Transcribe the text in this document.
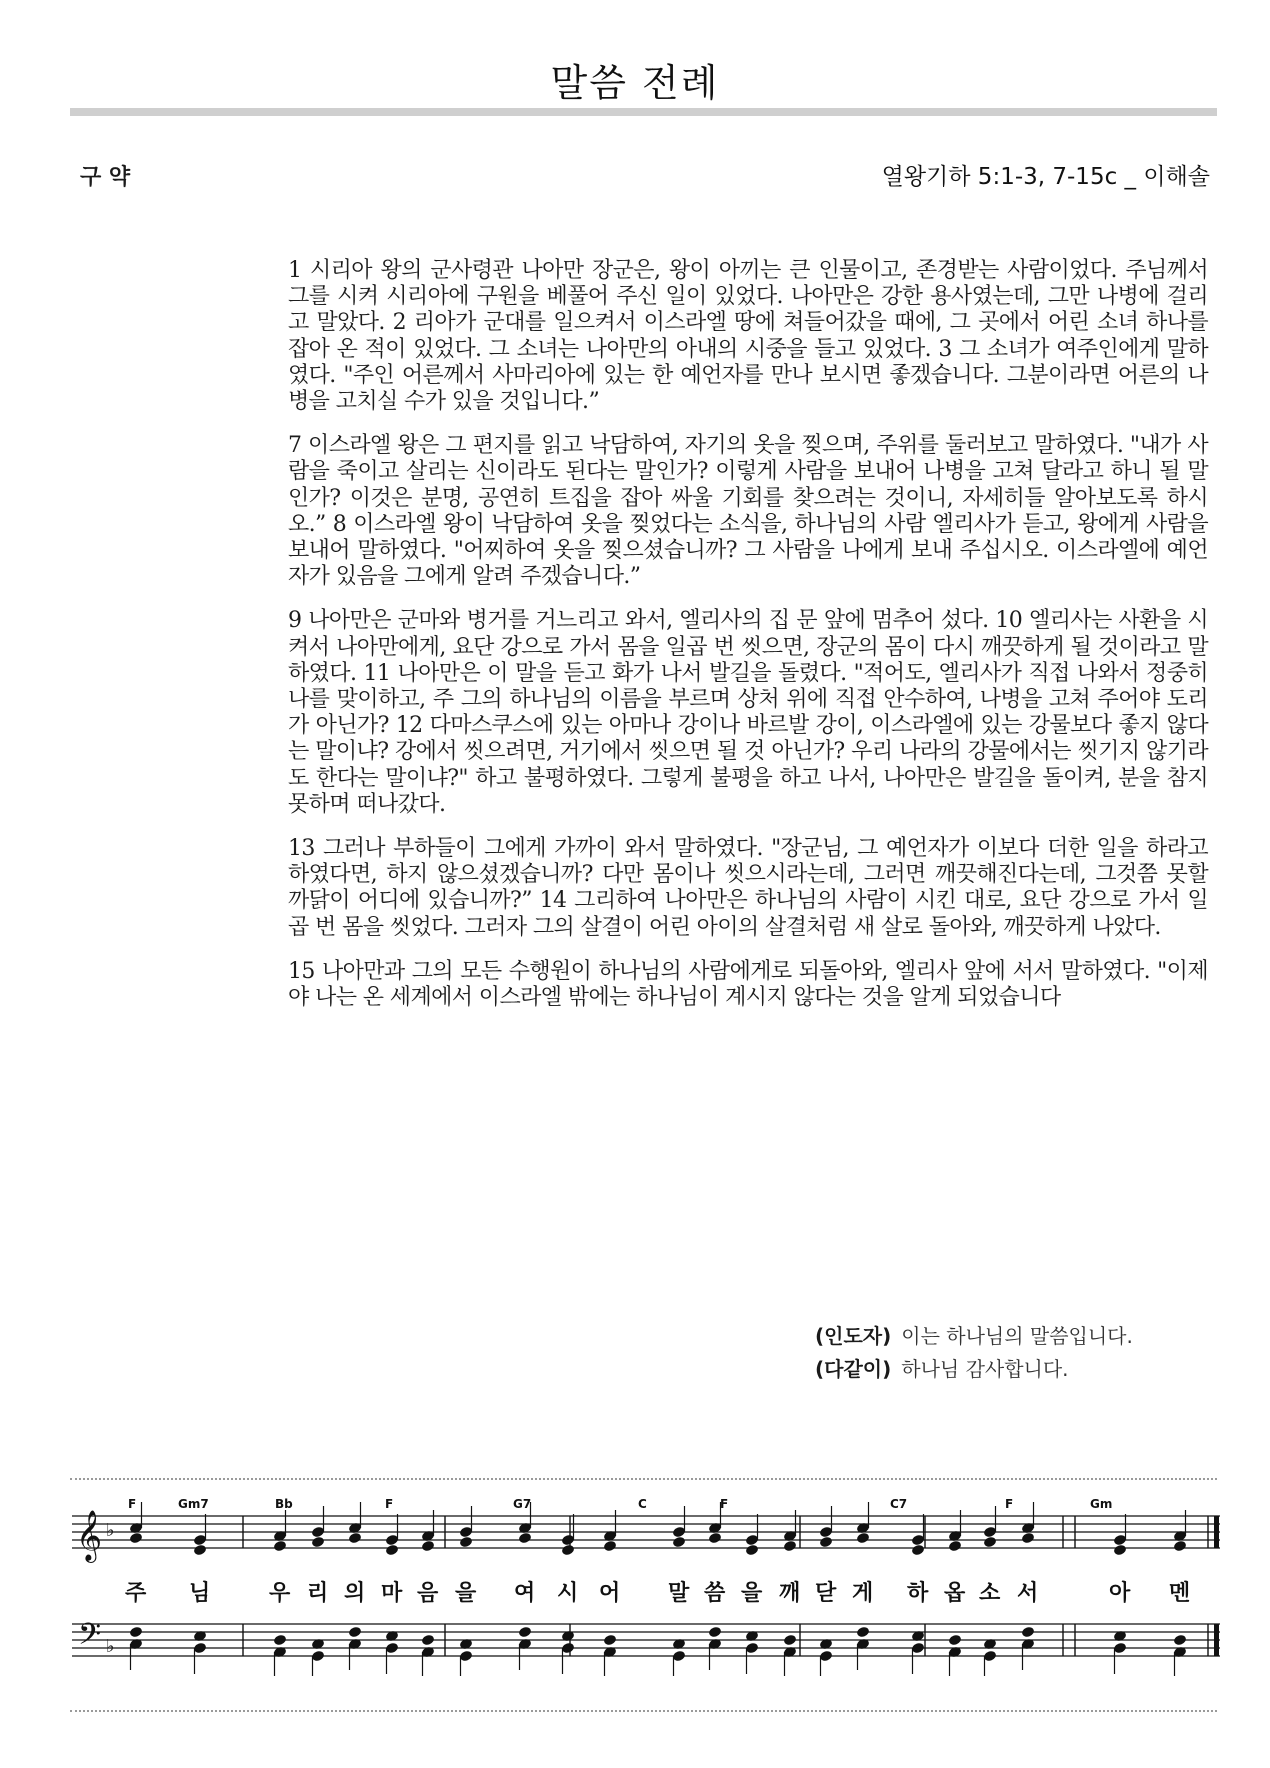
말씀 전례
구 약	열왕기하 5:1-3, 7-15c _ 이해솔

1 시리아 왕의 군사령관 나아만 장군은, 왕이 아끼는 큰 인물이고, 존경받는 사람이었다. 주님께서 그를 시켜 시리아에 구원을 베풀어 주신 일이 있었다. 나아만은 강한 용사였는데, 그만 나병에 걸리고 말았다. 2 리아가 군대를 일으켜서 이스라엘 땅에 쳐들어갔을 때에, 그 곳에서 어린 소녀 하나를 잡아 온 적이 있었다. 그 소녀는 나아만의 아내의 시중을 들고 있었다. 3 그 소녀가 여주인에게 말하였다. "주인 어른께서 사마리아에 있는 한 예언자를 만나 보시면 좋겠습니다. 그분이라면 어른의 나병을 고치실 수가 있을 것입니다.”

7 이스라엘 왕은 그 편지를 읽고 낙담하여, 자기의 옷을 찢으며, 주위를 둘러보고 말하였다. "내가 사람을 죽이고 살리는 신이라도 된다는 말인가? 이렇게 사람을 보내어 나병을 고쳐 달라고 하니 될 말인가? 이것은 분명, 공연히 트집을 잡아 싸울 기회를 찾으려는 것이니, 자세히들 알아보도록 하시오.” 8 이스라엘 왕이 낙담하여 옷을 찢었다는 소식을, 하나님의 사람 엘리사가 듣고, 왕에게 사람을 보내어 말하였다. "어찌하여 옷을 찢으셨습니까? 그 사람을 나에게 보내 주십시오. 이스라엘에 예언자가 있음을 그에게 알려 주겠습니다.”

9 나아만은 군마와 병거를 거느리고 와서, 엘리사의 집 문 앞에 멈추어 섰다. 10 엘리사는 사환을 시켜서 나아만에게, 요단 강으로 가서 몸을 일곱 번 씻으면, 장군의 몸이 다시 깨끗하게 될 것이라고 말하였다. 11 나아만은 이 말을 듣고 화가 나서 발길을 돌렸다. "적어도, 엘리사가 직접 나와서 정중히 나를 맞이하고, 주 그의 하나님의 이름을 부르며 상처 위에 직접 안수하여, 나병을 고쳐 주어야 도리가 아닌가? 12 다마스쿠스에 있는 아마나 강이나 바르발 강이, 이스라엘에 있는 강물보다 좋지 않다는 말이냐? 강에서 씻으려면, 거기에서 씻으면 될 것 아닌가? 우리 나라의 강물에서는 씻기지 않기라도 한다는 말이냐?" 하고 불평하였다. 그렇게 불평을 하고 나서, 나아만은 발길을 돌이켜, 분을 참지 못하며 떠나갔다.

13 그러나 부하들이 그에게 가까이 와서 말하였다. "장군님, 그 예언자가 이보다 더한 일을 하라고 하였다면, 하지 않으셨겠습니까? 다만 몸이나 씻으시라는데, 그러면 깨끗해진다는데, 그것쯤 못할 까닭이 어디에 있습니까?” 14 그리하여 나아만은 하나님의 사람이 시킨 대로, 요단 강으로 가서 일곱 번 몸을 씻었다. 그러자 그의 살결이 어린 아이의 살결처럼 새 살로 돌아와, 깨끗하게 나았다.

15 나아만과 그의 모든 수행원이 하나님의 사람에게로 되돌아와, 엘리사 앞에 서서 말하였다. "이제야 나는 온 세계에서 이스라엘 밖에는 하나님이 계시지 않다는 것을 알게 되었습니다

(인도자) 이는 하나님의 말씀입니다.
(다같이) 하나님 감사합니다.
𝄞
𝄢
♭
♭
F	Gm7	Bb	F	G7	C	F	C7	F	Gm
주 님	우 리 의 마 음 을 여 시 어 말 씀 을 깨 닫 게 하 옵 소 서	아 멘
